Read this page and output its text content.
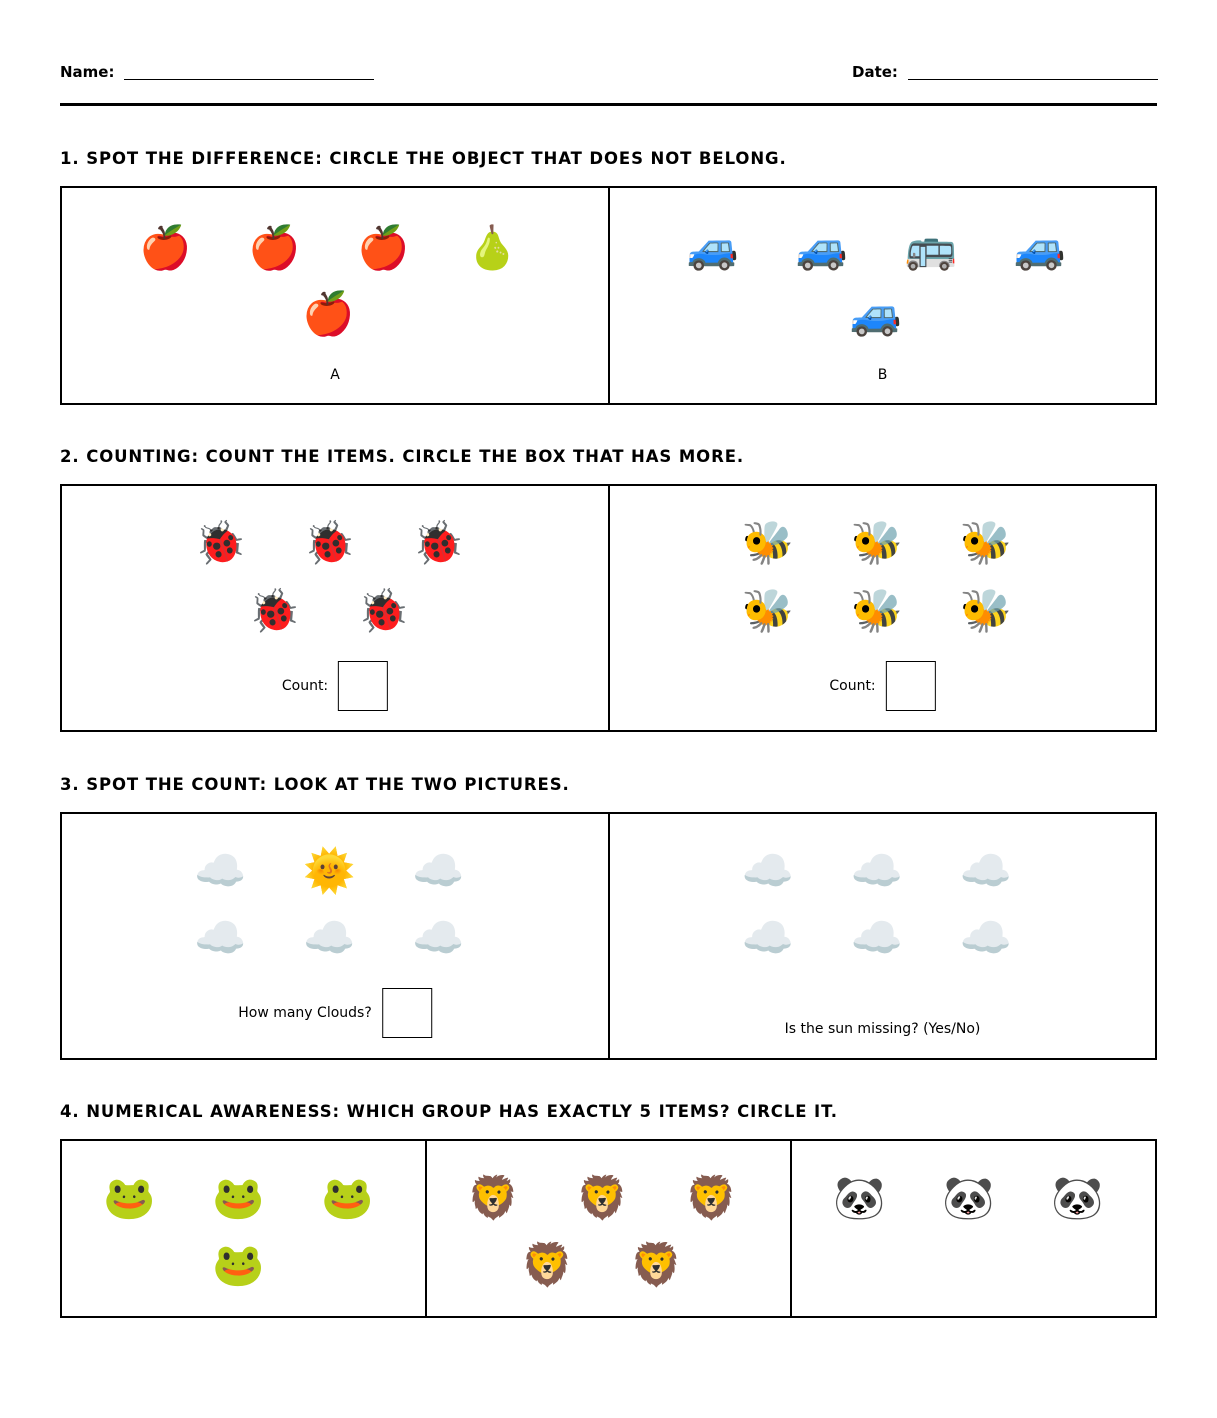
Name:	Date:
1. SPOT THE DIFFERENCE: CIRCLE THE OBJECT THAT DOES NOT BELONG.
🍎 🍎 🍎 🍐
🍎
A
🚙 🚙 🚌 🚙
🚙
B
2. COUNTING: COUNT THE ITEMS. CIRCLE THE BOX THAT HAS MORE.
🐞 🐞 🐞
🐞 🐞
Count:
🐝 🐝 🐝
🐝 🐝 🐝
Count:
3. SPOT THE COUNT: LOOK AT THE TWO PICTURES.
☁️ 🌞 ☁️
☁️ ☁️ ☁️
How many Clouds?
☁️ ☁️ ☁️
☁️ ☁️ ☁️
Is the sun missing? (Yes/No)
4. NUMERICAL AWARENESS: WHICH GROUP HAS EXACTLY 5 ITEMS? CIRCLE IT.
🐸 🐸 🐸
🐸
🦁 🦁 🦁
🦁 🦁
🐼 🐼 🐼
